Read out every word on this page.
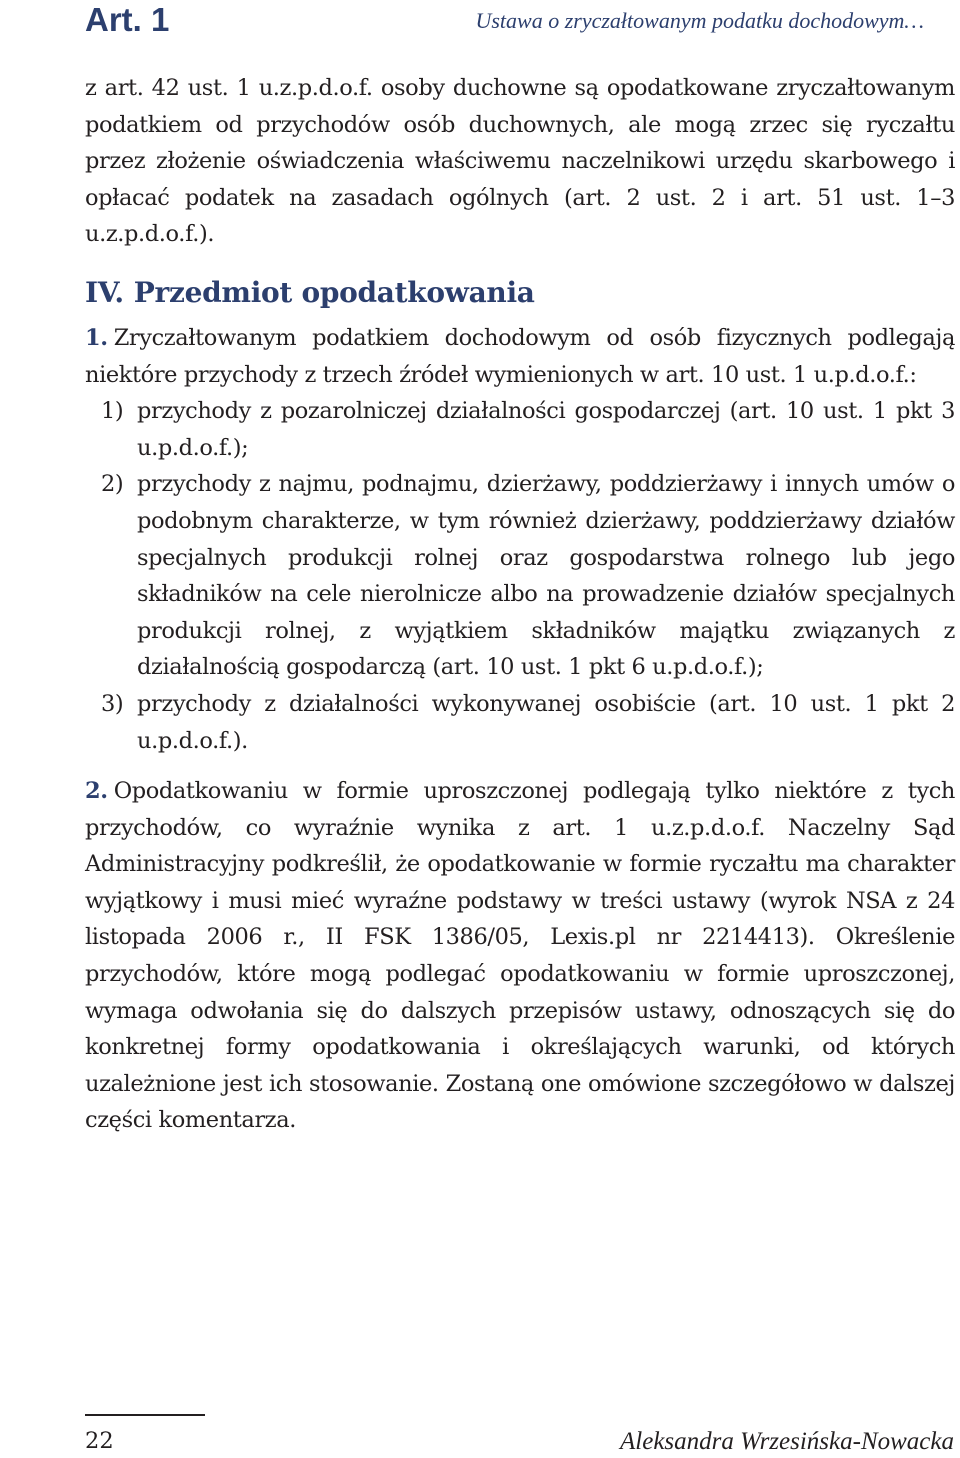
Art. 1	Ustawa o zryczałtowanym podatku dochodowym…

z art. 42 ust. 1 u.z.p.d.o.f. osoby duchowne są opodatkowane zryczałtowanym podatkiem od przychodów osób duchownych, ale mogą zrzec się ryczałtu przez złożenie oświadczenia właściwemu naczelnikowi urzędu skarbowego i opłacać podatek na zasadach ogólnych (art. 2 ust. 2 i art. 51 ust. 1–3 u.z.p.d.o.f.).

IV. Przedmiot opodatkowania

1. Zryczałtowanym podatkiem dochodowym od osób fizycznych podlegają niektóre przychody z trzech źródeł wymienionych w art. 10 ust. 1 u.p.d.o.f.:

1) przychody z pozarolniczej działalności gospodarczej (art. 10 ust. 1 pkt 3 u.p.d.o.f.);
2) przychody z najmu, podnajmu, dzierżawy, poddzierżawy i innych umów o podobnym charakterze, w tym również dzierżawy, poddzierżawy działów specjalnych produkcji rolnej oraz gospodarstwa rolnego lub jego składników na cele nierolnicze albo na prowadzenie działów specjalnych produkcji rolnej, z wyjątkiem składników majątku związanych z działalnością gospodarczą (art. 10 ust. 1 pkt 6 u.p.d.o.f.);
3) przychody z działalności wykonywanej osobiście (art. 10 ust. 1 pkt 2 u.p.d.o.f.).

2. Opodatkowaniu w formie uproszczonej podlegają tylko niektóre z tych przychodów, co wyraźnie wynika z art. 1 u.z.p.d.o.f. Naczelny Sąd Administracyjny podkreślił, że opodatkowanie w formie ryczałtu ma charakter wyjątkowy i musi mieć wyraźne podstawy w treści ustawy (wyrok NSA z 24 listopada 2006 r., II FSK 1386/05, Lexis.pl nr 2214413). Określenie przychodów, które mogą podlegać opodatkowaniu w formie uproszczonej, wymaga odwołania się do dalszych przepisów ustawy, odnoszących się do konkretnej formy opodatkowania i określających warunki, od których uzależnione jest ich stosowanie. Zostaną one omówione szczegółowo w dalszej części komentarza.

22	Aleksandra Wrzesińska-Nowacka
